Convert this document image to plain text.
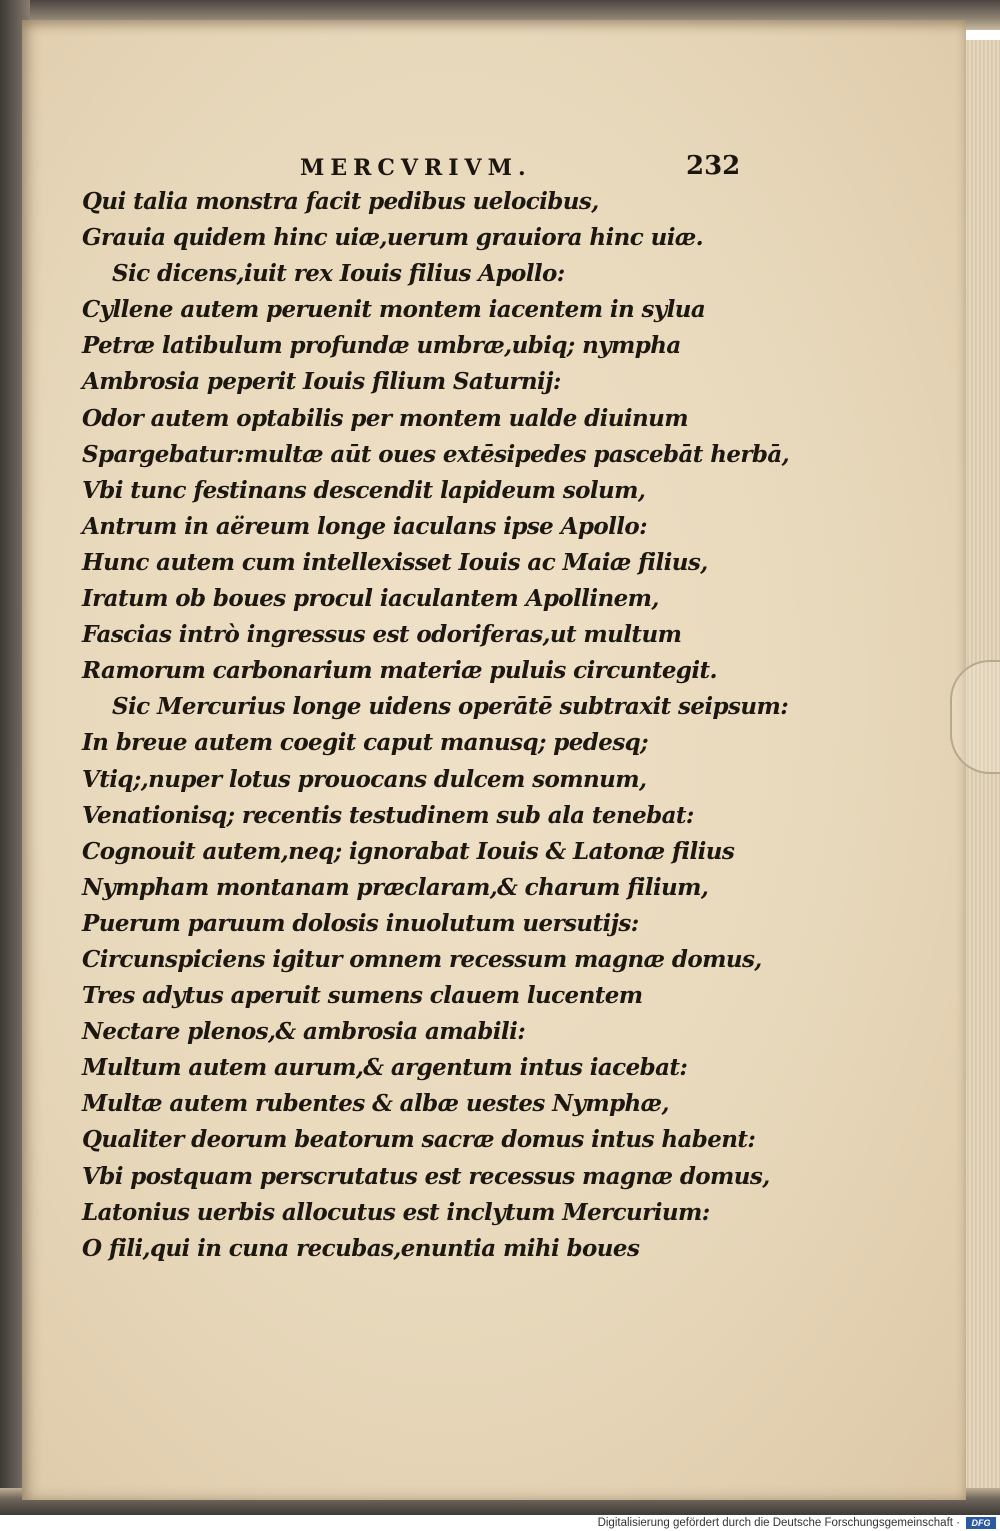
MERCVRIVM.	232
Qui talia monstra facit pedibus uelocibus,
Grauia quidem hinc uiæ,uerum grauiora hinc uiæ.
Sic dicens,iuit rex Iouis filius Apollo:
Cyllene autem peruenit montem iacentem in sylua
Petræ latibulum profundæ umbræ,ubiq; nympha
Ambrosia peperit Iouis filium Saturnij:
Odor autem optabilis per montem ualde diuinum
Spargebatur:multæ aūt oues extēsipedes pascebāt herbā,
Vbi tunc festinans descendit lapideum solum,
Antrum in aëreum longe iaculans ipse Apollo:
Hunc autem cum intellexisset Iouis ac Maiæ filius,
Iratum ob boues procul iaculantem Apollinem,
Fascias intrò ingressus est odoriferas,ut multum
Ramorum carbonarium materiæ puluis circuntegit.
Sic Mercurius longe uidens operātē subtraxit seipsum:
In breue autem coegit caput manusq; pedesq;
Vtiq;,nuper lotus prouocans dulcem somnum,
Venationisq; recentis testudinem sub ala tenebat:
Cognouit autem,neq; ignorabat Iouis & Latonæ filius
Nympham montanam præclaram,& charum filium,
Puerum paruum dolosis inuolutum uersutijs:
Circunspiciens igitur omnem recessum magnæ domus,
Tres adytus aperuit sumens clauem lucentem
Nectare plenos,& ambrosia amabili:
Multum autem aurum,& argentum intus iacebat:
Multæ autem rubentes & albæ uestes Nymphæ,
Qualiter deorum beatorum sacræ domus intus habent:
Vbi postquam perscrutatus est recessus magnæ domus,
Latonius uerbis allocutus est inclytum Mercurium:
O fili,qui in cuna recubas,enuntia mihi boues
Digitalisierung gefördert durch die Deutsche Forschungsgemeinschaft ·	DFG
